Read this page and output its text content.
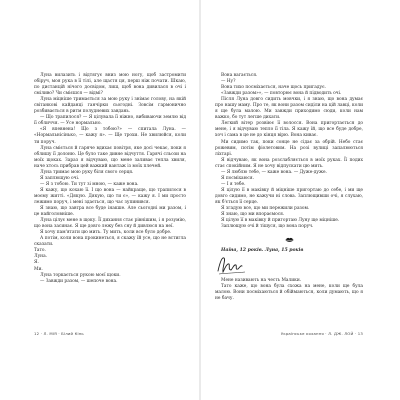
Луна вилазить і відтягує вниз мою ногу, щоб застромити обіруч, моя рука в її тілі, але щастя ця, перш ніж почати. Шкаю, по дистанцій нічого досвідом, лиш, щоб вона дивилася в очі і сміливо? Чи смієшся — відмі?

Луна міцніше тримається за мою руку і знімає голову, на якій світанкові кайданці ганчірки сьогодні. Зовсім гармонично розбивається в ритм полудневих завдань.

— Що трапилося? — Я цілувала її ніжно, вибиваючи землю від її обличчя. — Усе нормально.

«Я впевнена! Що з тобою?» — спитала Луна. — «Нормальнісінько, — кажу я». — Ще трохи. Не хвилюйся, коли ти поруч.

Луна сміється й гаряче вдихає повітря, яке досі чекає, поки я облишу її долоню. Це було таке дивне відчуття. Гарячі сльози на моїх щоках. Зараз я відчуваю, що мене заливає тепла хвиля, наче хтось прибрав цей важкий вантаж із моїх плечей.

Луна тримає мою руку біля свого серця.

Я заплющую очі.

— Я з тобою. Ти тут зі мною, — каже вона.

Я кажу, що кохаю її. І що вона — найкраще, що трапилося в моєму житті. «Дякую. Дякую, що ти є», — кажу я. І ми просто лежимо поруч, і мені здається, що час зупинився.

Я знаю, що завтра все буде інакше. Але сьогодні ми разом, і це найголовніше.

Луна цілує мене в щоку. Її дихання стає рівнішим, і я розумію, що вона засинає. Я ще довго лежу без сну й дивлюся на неї.

Я хочу пам'ятати цю мить. Ту мить, коли все було добре.

А потім, коли вона прокинеться, я скажу їй усе, що не встигла сказати.

Тато.

Луна.

Я.

Ми.

Луна торкається рукою моєї щоки.

— Завжди разом, — шепоче вона.

Вона вагається.

— Ну?

Вона тихо посміхається, наче щось пригадує.

«Завжди разом»», — повторює вона й підводить очі.

Після Луна довго сидить мовчки, і я знаю, що вона думає про нашу маму. Про те, як вони разом сиділи на цій лавці, коли я ще була малою. Ми завжди приходимо сюди, коли нам важко, бо тут легше дихати.

Легкий вітер розвіює її волосся. Вона пригортається до мене, і я відчуваю тепло її тіла. Я кажу їй, що все буде добре, хоч і сама в це не до кінця вірю. Вона киває.

Ми сидимо так, поки сонце не сідає за обрій. Небо стає рожевим, потім фіолетовим. На розі вулиці запалюються ліхтарі.

Я відчуваю, як вона розслабляється в моїх руках. Її подих стає спокійним. Я не хочу відпускати цю мить.

— Я люблю тебе, — каже вона. — Дуже-дуже.

Я посміхаюся.

— І я тебе.

Я цілую її в маківку й міцніше пригортаю до себе, і ми ще довго сидимо, не кажучи ні слова. Заплющивши очі, я слухаю, як б'ється її серце.

Я згадую все, що ми пережили разом.

Я знаю, що ми впораємося.

Я цілую її в маківку й пригортаю Луну ще міцніше.

Заплющую очі й тішуся, що вона поруч.

Наїна, 12 років. Луна, 15 років

Мене називають на честь Малики.

Тато каже, що вона була схожа на мене, коли ще була малою. Вони посміхаються й обіймаються, коли думають, що я не бачу.

12 · Л. МІЯ · Білий Кінь	Українське кохання · Л. ДЖ. ЛОЙ · 13
